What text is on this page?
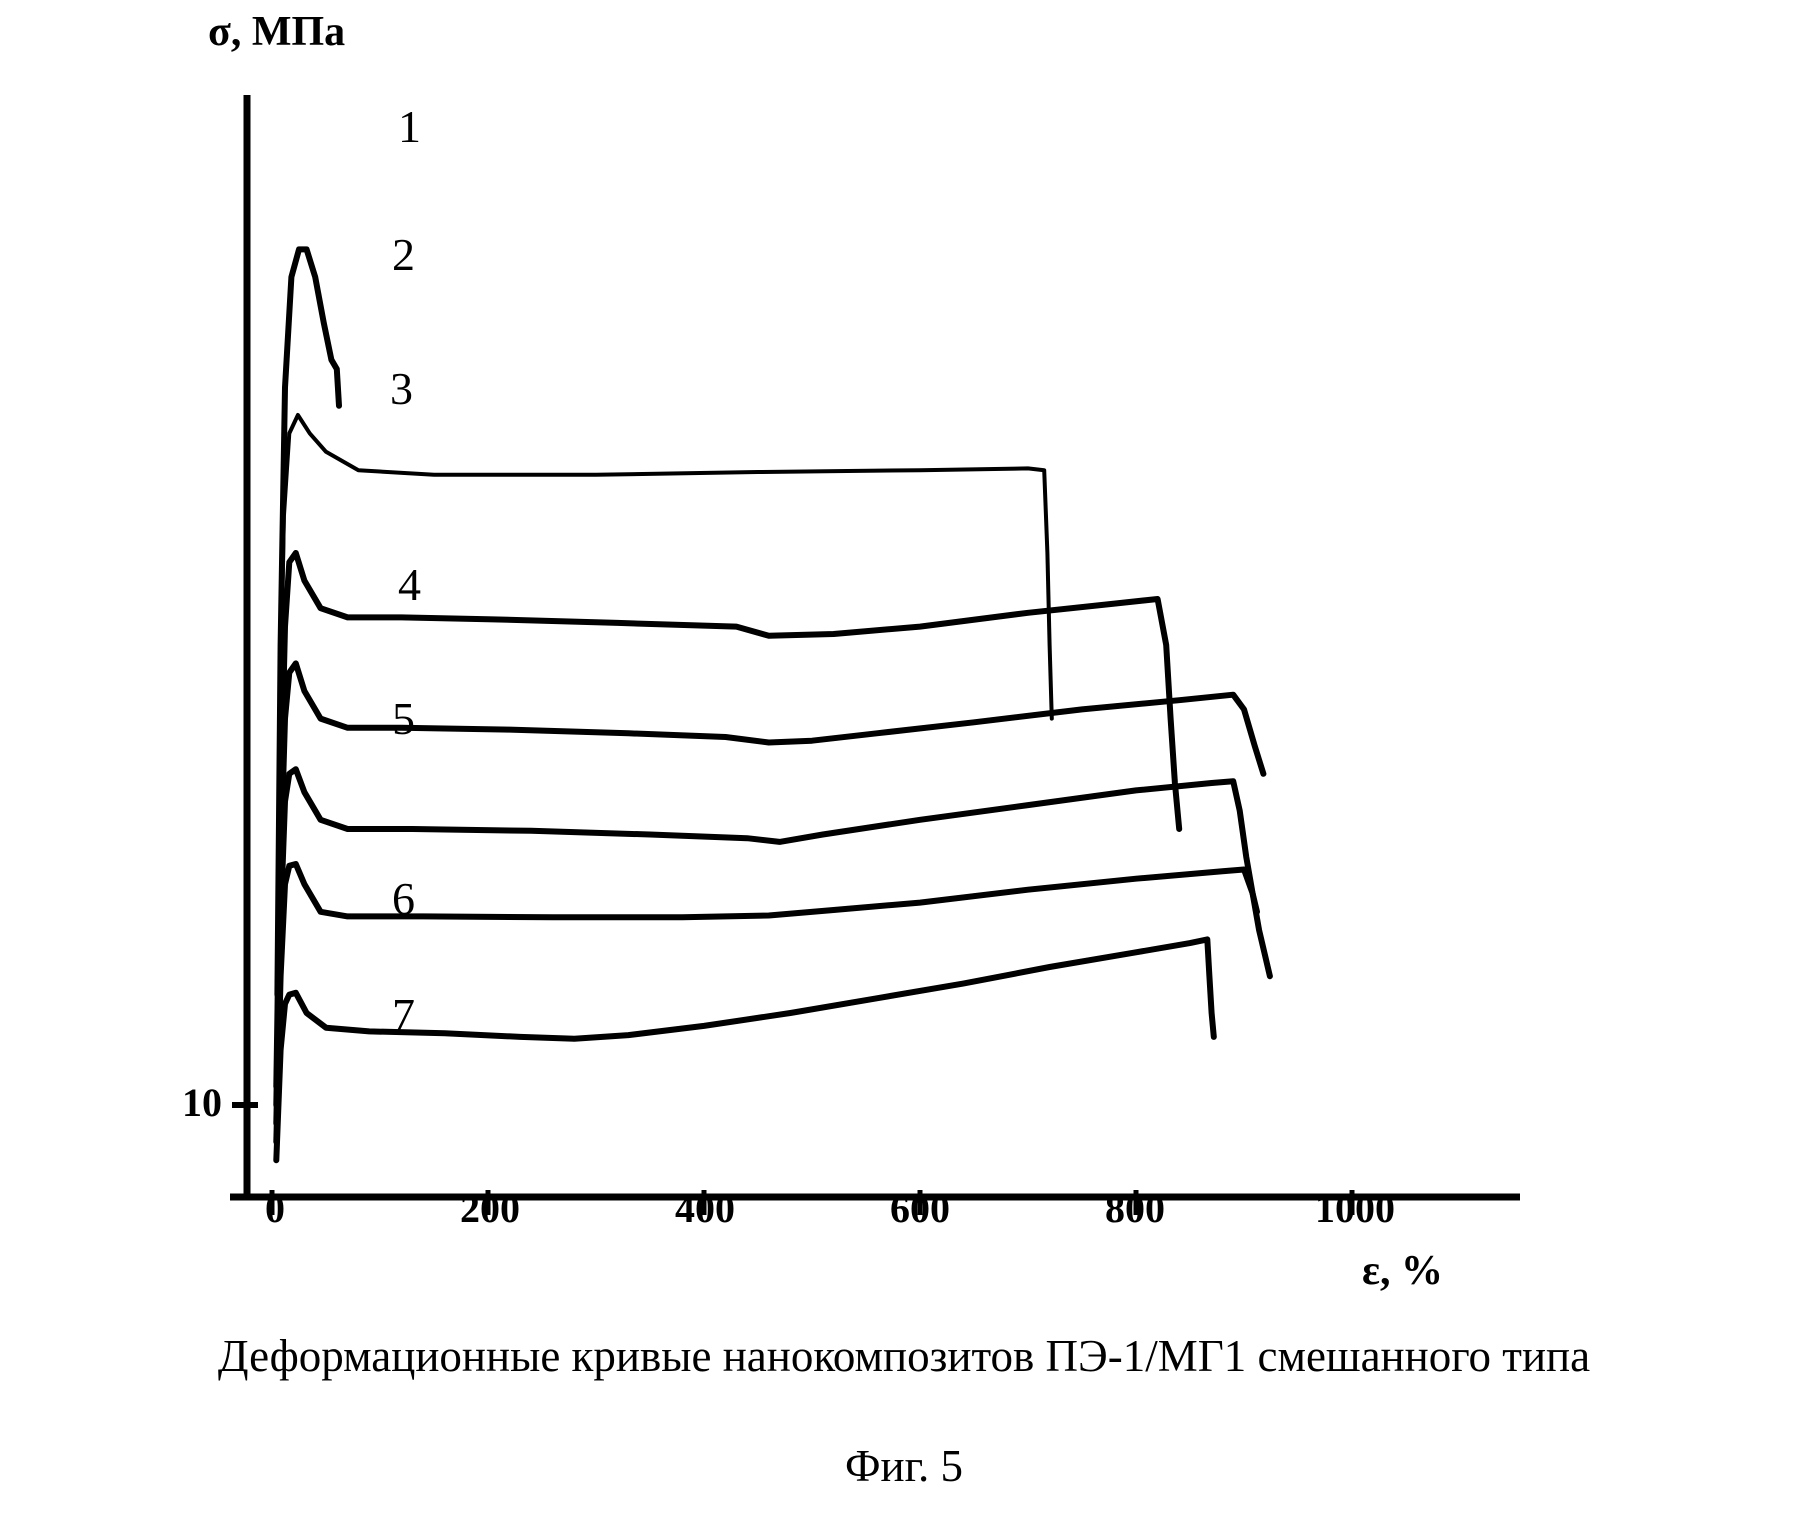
σ, МПа
ε, %
10
0	200	400	600	800	1000
1
2
3
4
5
6
7
Деформационные кривые нанокомпозитов ПЭ-1/МГ1 смешанного типа
Фиг. 5
